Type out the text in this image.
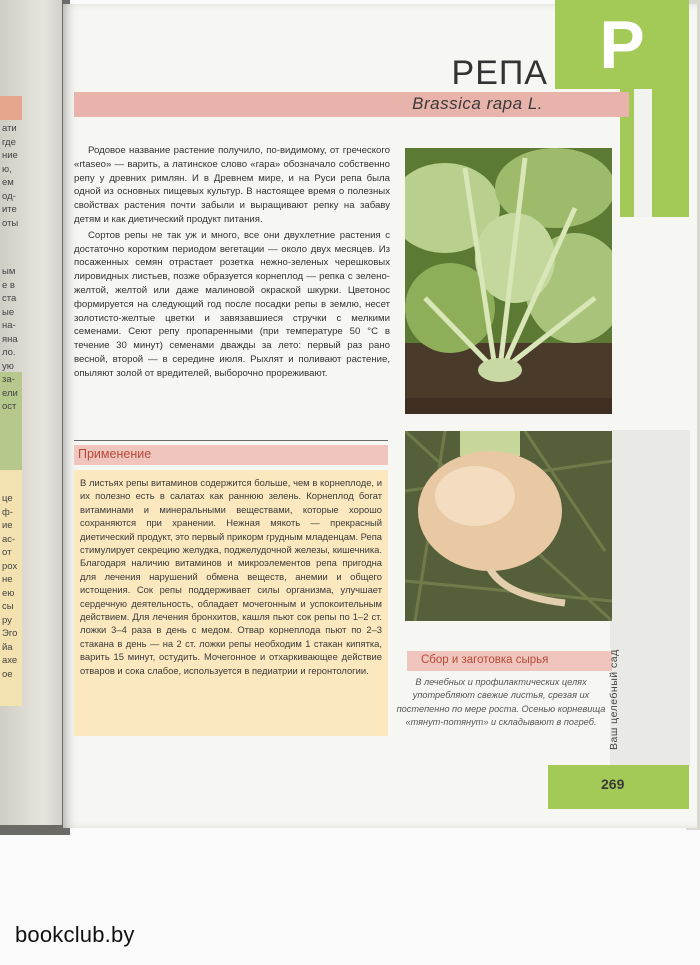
ати
где
ние
ю,
ем
од-
ите
оты
ым
е в
ста
ые
на-
яна
ло.
ую
за-
ели
ост
це
ф-
ие
ас-
от
рох
не
ею
сы
ру
Эго
йа
ахе
ое
Р
РЕПА
Brassica rapa L.

Родовое название растение получило, по-видимому, от греческого «rtaseo» — варить, а латинское слово «гара» обозначало собственно репу у древних римлян. И в Древнем мире, и на Руси репа была одной из основных пищевых культур. В настоящее время о полезных свойствах растения почти забыли и выращивают репку на забаву детям и как диетический продукт питания.

Сортов репы не так уж и много, все они двухлетние растения с достаточно коротким периодом вегетации — около двух месяцев. Из посаженных семян отрастает розетка нежно-зеленых черешковых лировидных листьев, позже образуется корнеплод — репка с зелено-желтой, желтой или даже малиновой окраской шкурки. Цветонос формируется на следующий год после посадки репы в землю, несет золотисто-желтые цветки и завязавшиеся стручки с мелкими семенами. Сеют репу пропаренными (при температуре 50 °С в течение 30 минут) семенами дважды за лето: первый раз рано весной, второй — в середине июля. Рыхлят и поливают растение, опыляют золой от вредителей, выборочно прореживают.

Применение
В листьях репы витаминов содержится больше, чем в корнеплоде, и их полезно есть в салатах как раннюю зелень. Корнеплод богат витаминами и минеральными веществами, которые хорошо сохраняются при хранении. Нежная мякоть — прекрасный диетический продукт, это первый прикорм грудным младенцам. Репа стимулирует секрецию желудка, поджелудочной железы, кишечника. Благодаря наличию витаминов и микроэлементов репа пригодна для лечения нарушений обмена веществ, анемии и общего истощения. Сок репы поддерживает силы организма, улучшает сердечную деятельность, обладает мочегонным и успокоительным действием. Для лечения бронхитов, кашля пьют сок репы по 1–2 ст. ложки 3–4 раза в день с медом. Отвар корнеплода пьют по 2–3 стакана в день — на 2 ст. ложки репы необходим 1 стакан кипятка, варить 15 минут, остудить. Мочегонное и отхаркивающее действие отваров и сока слабое, используется в педиатрии и геронтологии.
Сбор и заготовка сырья
В лечебных и профилактических целях употребляют свежие листья, срезая их постепенно по мере роста. Осенью корневища «тянут-потянут» и складывают в погреб.	Ваш целебный сад
269
bookclub.by
